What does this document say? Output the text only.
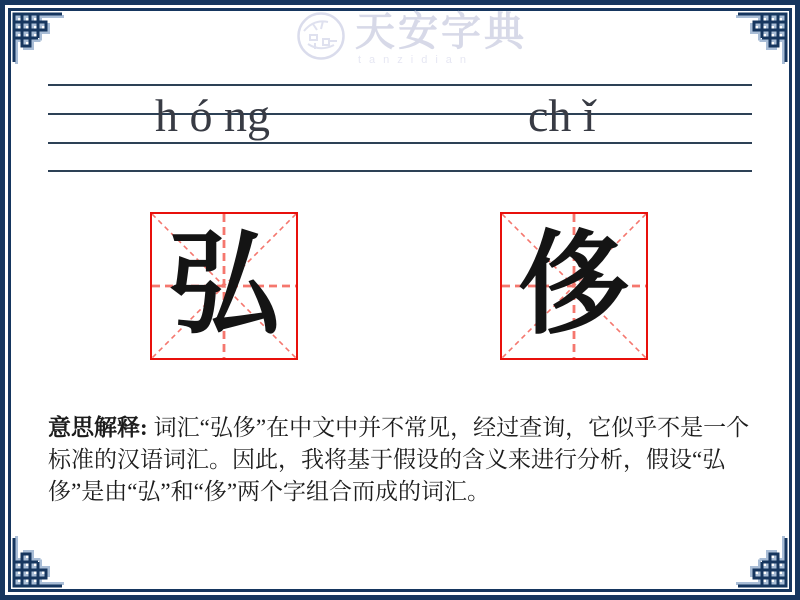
天安字典
tanzidian
h ó ng	ch ǐ
弘 侈
意思解释: 词汇“弘侈”在中文中并不常见，经过查询，它似乎不是一个标准的汉语词汇。因此，我将基于假设的含义来进行分析，假设“弘侈”是由“弘”和“侈”两个字组合而成的词汇。
